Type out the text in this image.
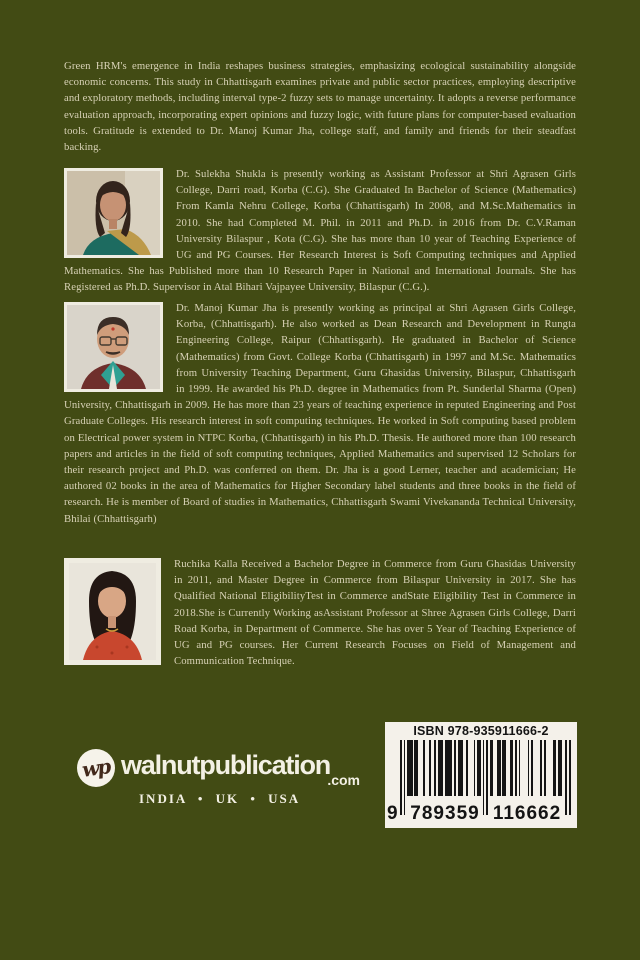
Green HRM's emergence in India reshapes business strategies, emphasizing ecological sustainability alongside economic concerns. This study in Chhattisgarh examines private and public sector practices, employing descriptive and exploratory methods, including interval type-2 fuzzy sets to manage uncertainty. It adopts a reverse performance evaluation approach, incorporating expert opinions and fuzzy logic, with future plans for computer-based evaluation tools. Gratitude is extended to Dr. Manoj Kumar Jha, college staff, and family and friends for their steadfast backing.

Dr. Sulekha Shukla is presently working as Assistant Professor at Shri Agrasen Girls College, Darri road, Korba (C.G). She Graduated In Bachelor of Science (Mathematics) From Kamla Nehru College, Korba (Chhattisgarh) In 2008, and M.Sc.Mathematics in 2010. She had Completed M. Phil. in 2011 and Ph.D. in 2016 from Dr. C.V.Raman University Bilaspur , Kota (C.G). She has more than 10 year of Teaching Experience of UG and PG Courses. Her Research Interest is Soft Computing techniques and Applied Mathematics. She has Published more than 10 Research Paper in National and International Journals. She has Registered as Ph.D. Supervisor in Atal Bihari Vajpayee University, Bilaspur (C.G.).

Dr. Manoj Kumar Jha is presently working as principal at Shri Agrasen Girls College, Korba, (Chhattisgarh). He also worked as Dean Research and Development in Rungta Engineering College, Raipur (Chhattisgarh). He graduated in Bachelor of Science (Mathematics) from Govt. College Korba (Chhattisgarh) in 1997 and M.Sc. Mathematics from University Teaching Department, Guru Ghasidas University, Bilaspur, Chhattisgarh in 1999. He awarded his Ph.D. degree in Mathematics from Pt. Sunderlal Sharma (Open) University, Chhattisgarh in 2009. He has more than 23 years of teaching experience in reputed Engineering and Post Graduate Colleges. His research interest in soft computing techniques. He worked in Soft computing based problem on Electrical power system in NTPC Korba, (Chhattisgarh) in his Ph.D. Thesis. He authored more than 100 research papers and articles in the field of soft computing techniques, Applied Mathematics and supervised 12 Scholars for their research project and Ph.D. was conferred on them. Dr. Jha is a good Lerner, teacher and academician; He authored 02 books in the area of Mathematics for Higher Secondary label students and three books in the field of research. He is member of Board of studies in Mathematics, Chhattisgarh Swami Vivekananda Technical University, Bhilai (Chhattisgarh)

Ruchika Kalla Received a Bachelor Degree in Commerce from Guru Ghasidas University in 2011, and Master Degree in Commerce from Bilaspur University in 2017. She has Qualified National EligibilityTest in Commerce andState Eligibility Test in Commerce in 2018.She is Currently Working asAssistant Professor at Shree Agrasen Girls College, Darri Road Korba, in Department of Commerce. She has over 5 Year of Teaching Experience of UG and PG courses. Her Current Research Focuses on Field of Management and Communication Technique.

wp walnutpublication
.com
INDIA • UK • USA
ISBN 978-935911666-2
9 789359 116662
